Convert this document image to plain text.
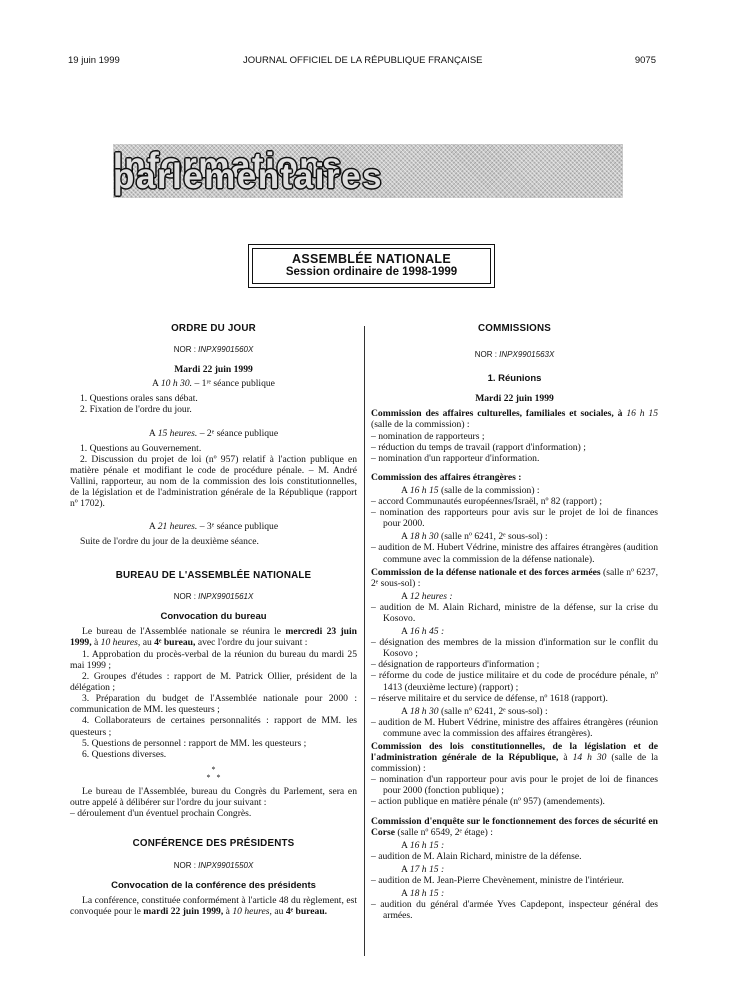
19 juin 1999	JOURNAL OFFICIEL DE LA RÉPUBLIQUE FRANÇAISE	9075
Informations parlementaires
ASSEMBLÉE NATIONALE
Session ordinaire de 1998-1999

ORDRE DU JOUR

NOR : INPX9901560X

Mardi 22 juin 1999

A 10 h 30. – 1ʳᵉ séance publique

1. Questions orales sans débat.

2. Fixation de l'ordre du jour.

A 15 heures. – 2ᵉ séance publique

1. Questions au Gouvernement.

2. Discussion du projet de loi (nº 957) relatif à l'action publique en matière pénale et modifiant le code de procédure pénale. – M. André Vallini, rapporteur, au nom de la commission des lois constitutionnelles, de la législation et de l'administration générale de la République (rapport nº 1702).

A 21 heures. – 3ᵉ séance publique

Suite de l'ordre du jour de la deuxième séance.

BUREAU DE L'ASSEMBLÉE NATIONALE

NOR : INPX9901561X

Convocation du bureau

Le bureau de l'Assemblée nationale se réunira le mercredi 23 juin 1999, à 10 heures, au 4ᵉ bureau, avec l'ordre du jour suivant :

1. Approbation du procès-verbal de la réunion du bureau du mardi 25 mai 1999 ;

2. Groupes d'études : rapport de M. Patrick Ollier, président de la délégation ;

3. Préparation du budget de l'Assemblée nationale pour 2000 : communication de MM. les questeurs ;

4. Collaborateurs de certaines personnalités : rapport de MM. les questeurs ;

5. Questions de personnel : rapport de MM. les questeurs ;

6. Questions diverses.

*

*   *

Le bureau de l'Assemblée, bureau du Congrès du Parlement, sera en outre appelé à délibérer sur l'ordre du jour suivant :

– déroulement d'un éventuel prochain Congrès.

CONFÉRENCE DES PRÉSIDENTS

NOR : INPX9901550X

Convocation de la conférence des présidents

La conférence, constituée conformément à l'article 48 du règlement, est convoquée pour le mardi 22 juin 1999, à 10 heures, au 4ᵉ bureau.

COMMISSIONS

NOR : INPX9901563X

1. Réunions

Mardi 22 juin 1999

Commission des affaires culturelles, familiales et sociales, à 16 h 15 (salle de la commission) :

– nomination de rapporteurs ;

– réduction du temps de travail (rapport d'information) ;

– nomination d'un rapporteur d'information.

Commission des affaires étrangères :

A 16 h 15 (salle de la commission) :

– accord Communautés européennes/Israël, nº 82 (rapport) ;

– nomination des rapporteurs pour avis sur le projet de loi de finances pour 2000.

A 18 h 30 (salle nº 6241, 2ᵉ sous-sol) :

– audition de M. Hubert Védrine, ministre des affaires étrangères (audition commune avec la commission de la défense nationale).

Commission de la défense nationale et des forces armées (salle nº 6237, 2ᵉ sous-sol) :

A 12 heures :

– audition de M. Alain Richard, ministre de la défense, sur la crise du Kosovo.

A 16 h 45 :

– désignation des membres de la mission d'information sur le conflit du Kosovo ;

– désignation de rapporteurs d'information ;

– réforme du code de justice militaire et du code de procédure pénale, nº 1413 (deuxième lecture) (rapport) ;

– réserve militaire et du service de défense, nº 1618 (rapport).

A 18 h 30 (salle nº 6241, 2ᵉ sous-sol) :

– audition de M. Hubert Védrine, ministre des affaires étrangères (réunion commune avec la commission des affaires étrangères).

Commission des lois constitutionnelles, de la législation et de l'administration générale de la République, à 14 h 30 (salle de la commission) :

– nomination d'un rapporteur pour avis pour le projet de loi de finances pour 2000 (fonction publique) ;

– action publique en matière pénale (nº 957) (amendements).

Commission d'enquête sur le fonctionnement des forces de sécurité en Corse (salle nº 6549, 2ᵉ étage) :

A 16 h 15 :

– audition de M. Alain Richard, ministre de la défense.

A 17 h 15 :

– audition de M. Jean-Pierre Chevènement, ministre de l'intérieur.

A 18 h 15 :

– audition du général d'armée Yves Capdepont, inspecteur général des armées.
